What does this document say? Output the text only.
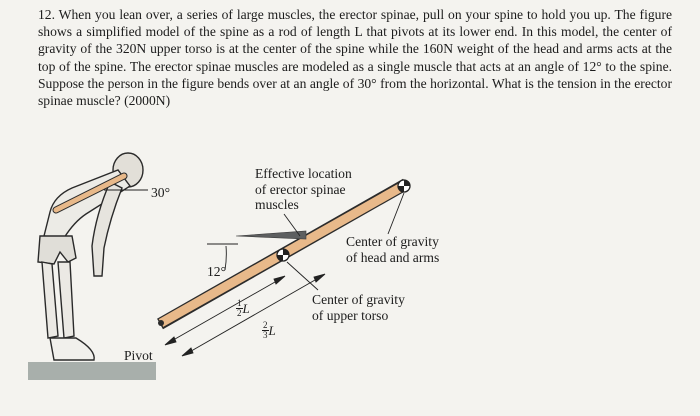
12. When you lean over, a series of large muscles, the erector spinae, pull on your spine to hold you up. The figure shows a simplified model of the spine as a rod of length L that pivots at its lower end. In this model, the center of gravity of the 320N upper torso is at the center of the spine while the 160N weight of the head and arms acts at the top of the spine. The erector spinae muscles are modeled as a single muscle that acts at an angle of 12° to the spine. Suppose the person in the figure bends over at an angle of 30° from the horizontal. What is the tension in the erector spinae muscle? (2000N)

30°
Pivot
12°
Effective location
of erector spinae
muscles
Center of gravity
of head and arms
Center of gravity
of upper torso
$\frac{1}{2}$ L
$\frac{2}{3}$ L
